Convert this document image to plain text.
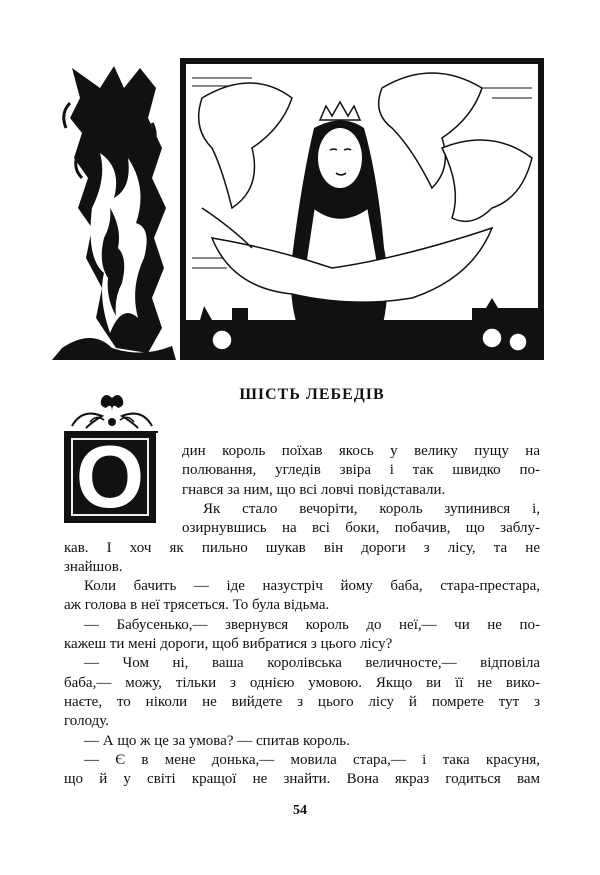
ШІСТЬ ЛЕБЕДІВ
О
54
дин король поїхав якось у велику пущу на
полювання, угледів звіра і так швидко по-
гнався за ним, що всі ловчі повідставали.
Як стало вечоріти, король зупинився і,
озирнувшись на всі боки, побачив, що заблу-
кав. І хоч як пильно шукав він дороги з лісу, та не
знайшов.
Коли бачить — іде назустріч йому баба, стара-престара,
аж голова в неї трясеться. То була відьма.
— Бабусенько,— звернувся король до неї,— чи не по-
кажеш ти мені дороги, щоб вибратися з цього лісу?
— Чом ні, ваша королівська величносте,— відповіла
баба,— можу, тільки з однією умовою. Якщо ви її не вико-
наєте, то ніколи не вийдете з цього лісу й помрете тут з
голоду.
— А що ж це за умова? — спитав король.
— Є в мене донька,— мовила стара,— і така красуня,
що й у світі кращої не знайти. Вона якраз годиться вам
